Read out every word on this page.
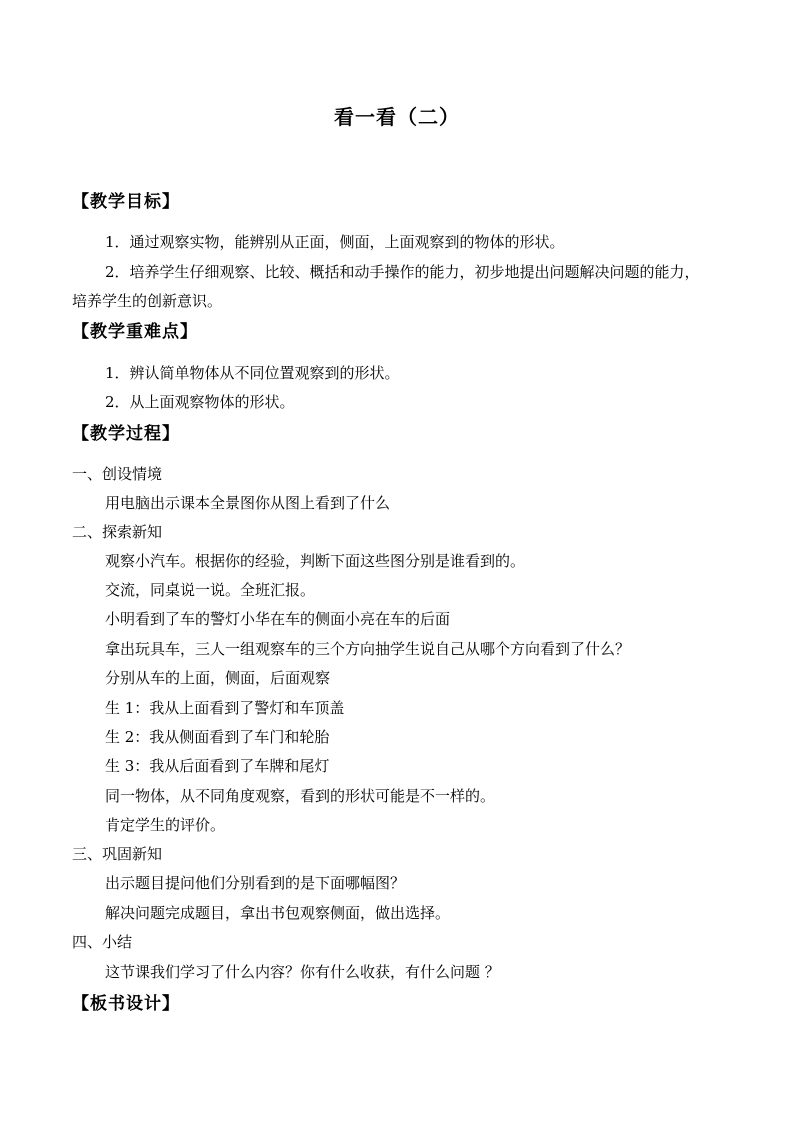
看一看（二）
【教学目标】
1．通过观察实物，能辨别从正面，侧面，上面观察到的物体的形状。
2．培养学生仔细观察、比较、概括和动手操作的能力，初步地提出问题解决问题的能力，
培养学生的创新意识。
【教学重难点】
1．辨认简单物体从不同位置观察到的形状。
2．从上面观察物体的形状。
【教学过程】
一、创设情境
用电脑出示课本全景图你从图上看到了什么
二、探索新知
观察小汽车。根据你的经验，判断下面这些图分别是谁看到的。
交流，同桌说一说。全班汇报。
小明看到了车的警灯小华在车的侧面小亮在车的后面
拿出玩具车，三人一组观察车的三个方向抽学生说自己从哪个方向看到了什么？
分别从车的上面，侧面，后面观察
生 1：我从上面看到了警灯和车顶盖
生 2：我从侧面看到了车门和轮胎
生 3：我从后面看到了车牌和尾灯
同一物体，从不同角度观察，看到的形状可能是不一样的。
肯定学生的评价。
三、巩固新知
出示题目提问他们分别看到的是下面哪幅图？
解决问题完成题目，拿出书包观察侧面，做出选择。
四、小结
这节课我们学习了什么内容？你有什么收获，有什么问题 ？
【板书设计】
